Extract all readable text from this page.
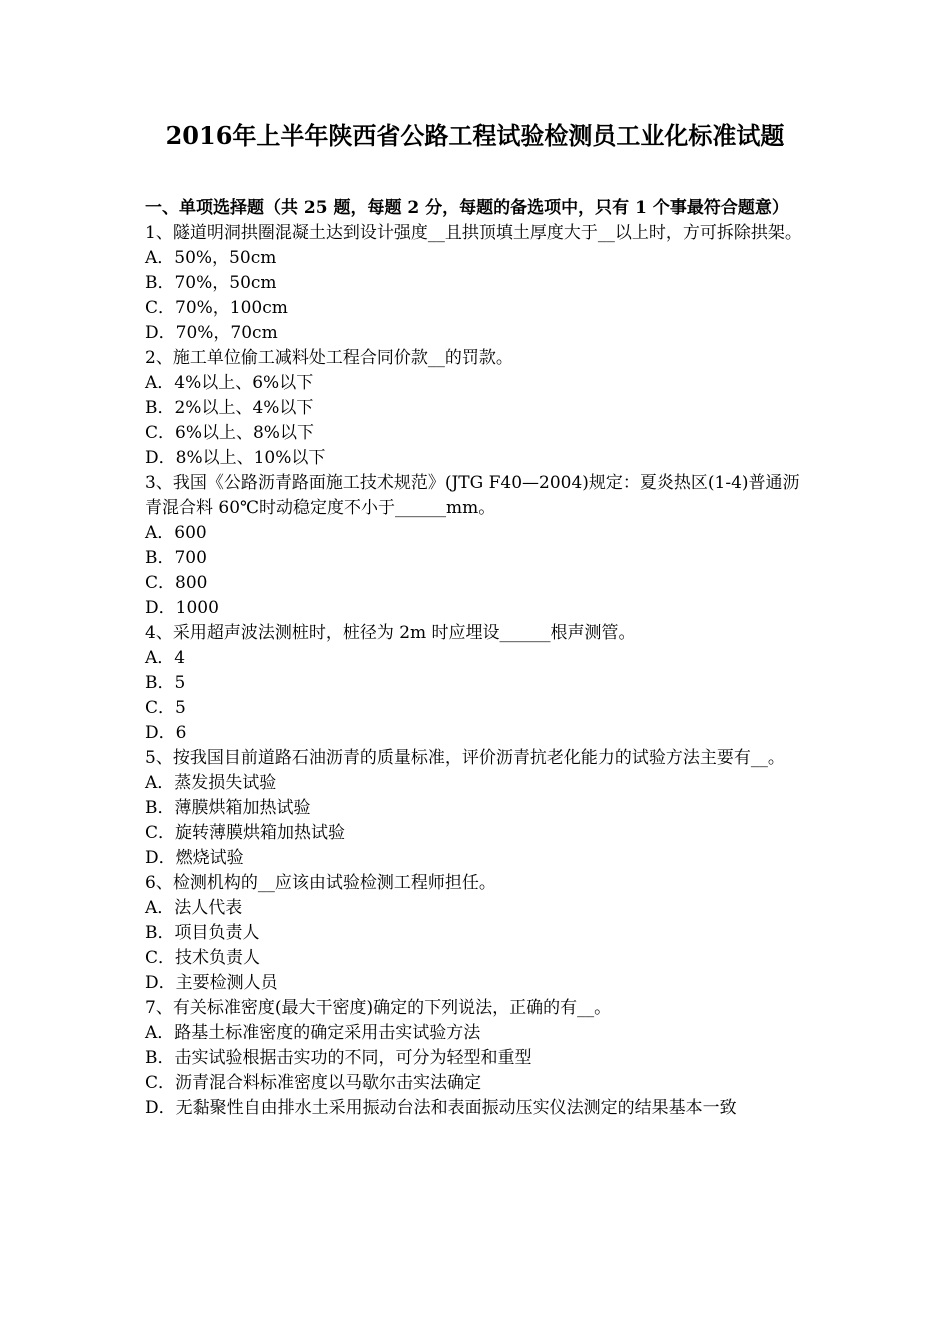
2016年上半年陕西省公路工程试验检测员工业化标准试题

一、单项选择题（共 25 题，每题 2 分，每题的备选项中，只有 1 个事最符合题意）

1、隧道明洞拱圈混凝土达到设计强度__且拱顶填土厚度大于__以上时，方可拆除拱架。

A．50%，50cm
B．70%，50cm
C．70%，100cm
D．70%，70cm

2、施工单位偷工减料处工程合同价款__的罚款。

A．4%以上、6%以下
B．2%以上、4%以下
C．6%以上、8%以下
D．8%以上、10%以下

3、我国《公路沥青路面施工技术规范》(JTG F40—2004)规定：夏炎热区(1-4)普通沥青混合料 60℃时动稳定度不小于______mm。

A．600
B．700
C．800
D．1000

4、采用超声波法测桩时，桩径为 2m 时应埋设______根声测管。

A．4
B．5
C．5
D．6

5、按我国目前道路石油沥青的质量标准，评价沥青抗老化能力的试验方法主要有__。

A．蒸发损失试验
B．薄膜烘箱加热试验
C．旋转薄膜烘箱加热试验
D．燃烧试验

6、检测机构的__应该由试验检测工程师担任。

A．法人代表
B．项目负责人
C．技术负责人
D．主要检测人员

7、有关标准密度(最大干密度)确定的下列说法，正确的有__。

A．路基土标准密度的确定采用击实试验方法
B．击实试验根据击实功的不同，可分为轻型和重型
C．沥青混合料标准密度以马歇尔击实法确定
D．无黏聚性自由排水土采用振动台法和表面振动压实仪法测定的结果基本一致
